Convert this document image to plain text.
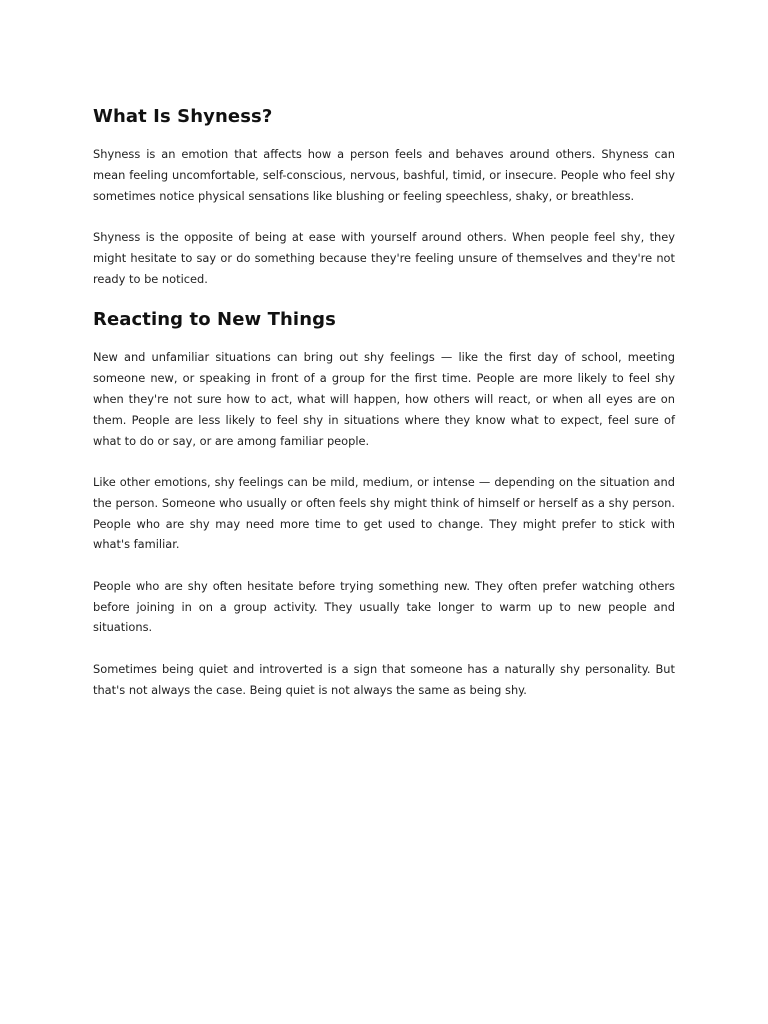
What Is Shyness?

Shyness is an emotion that affects how a person feels and behaves around others. Shyness can mean feeling uncomfortable, self-conscious, nervous, bashful, timid, or insecure. People who feel shy sometimes notice physical sensations like blushing or feeling speechless, shaky, or breathless.

Shyness is the opposite of being at ease with yourself around others. When people feel shy, they might hesitate to say or do something because they're feeling unsure of themselves and they're not ready to be noticed.

Reacting to New Things

New and unfamiliar situations can bring out shy feelings — like the first day of school, meeting someone new, or speaking in front of a group for the first time. People are more likely to feel shy when they're not sure how to act, what will happen, how others will react, or when all eyes are on them. People are less likely to feel shy in situations where they know what to expect, feel sure of what to do or say, or are among familiar people.

Like other emotions, shy feelings can be mild, medium, or intense — depending on the situation and the person. Someone who usually or often feels shy might think of himself or herself as a shy person. People who are shy may need more time to get used to change. They might prefer to stick with what's familiar.

People who are shy often hesitate before trying something new. They often prefer watching others before joining in on a group activity. They usually take longer to warm up to new people and situations.

Sometimes being quiet and introverted is a sign that someone has a naturally shy personality. But that's not always the case. Being quiet is not always the same as being shy.
